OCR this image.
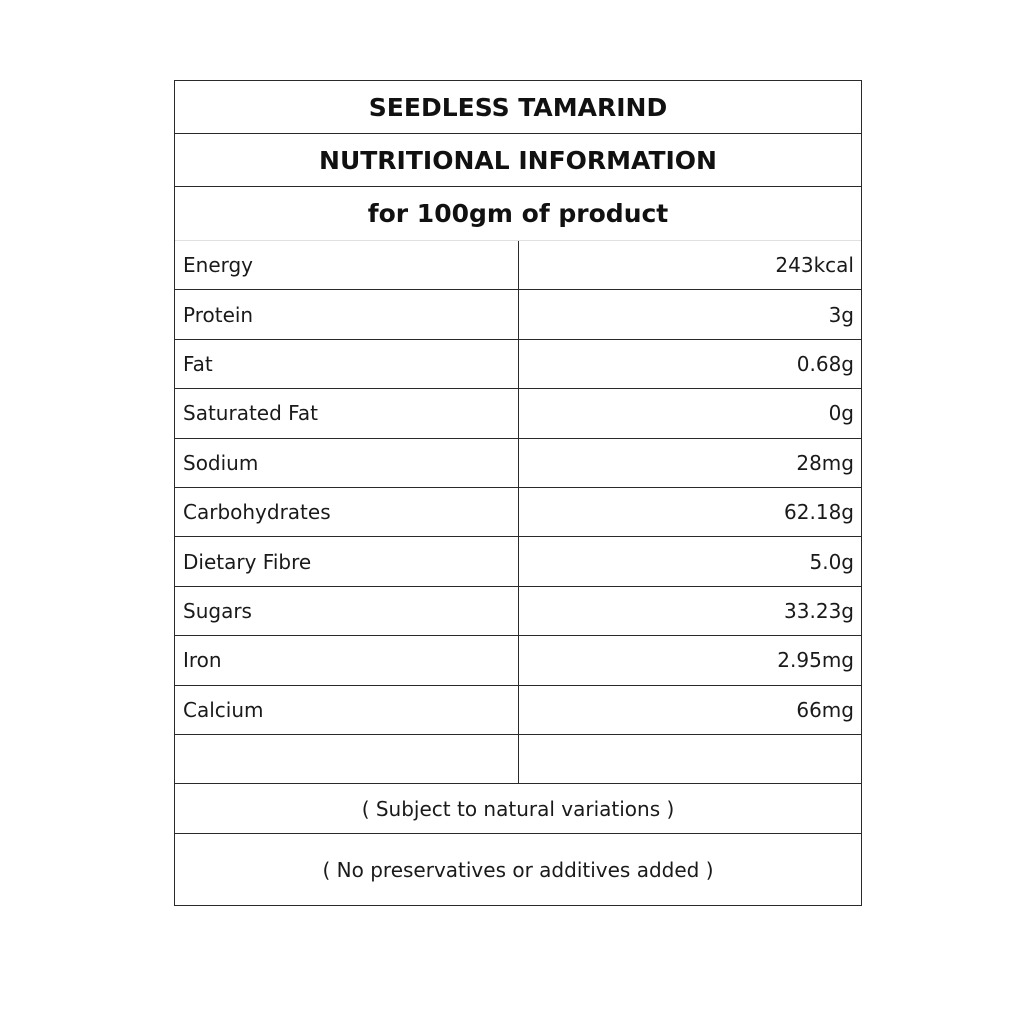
SEEDLESS TAMARIND
NUTRITIONAL INFORMATION
for 100gm of product
Energy	243kcal
Protein	3g
Fat	0.68g
Saturated Fat	0g
Sodium	28mg
Carbohydrates	62.18g
Dietary Fibre	5.0g
Sugars	33.23g
Iron	2.95mg
Calcium	66mg
( Subject to natural variations )
( No preservatives or additives added )
